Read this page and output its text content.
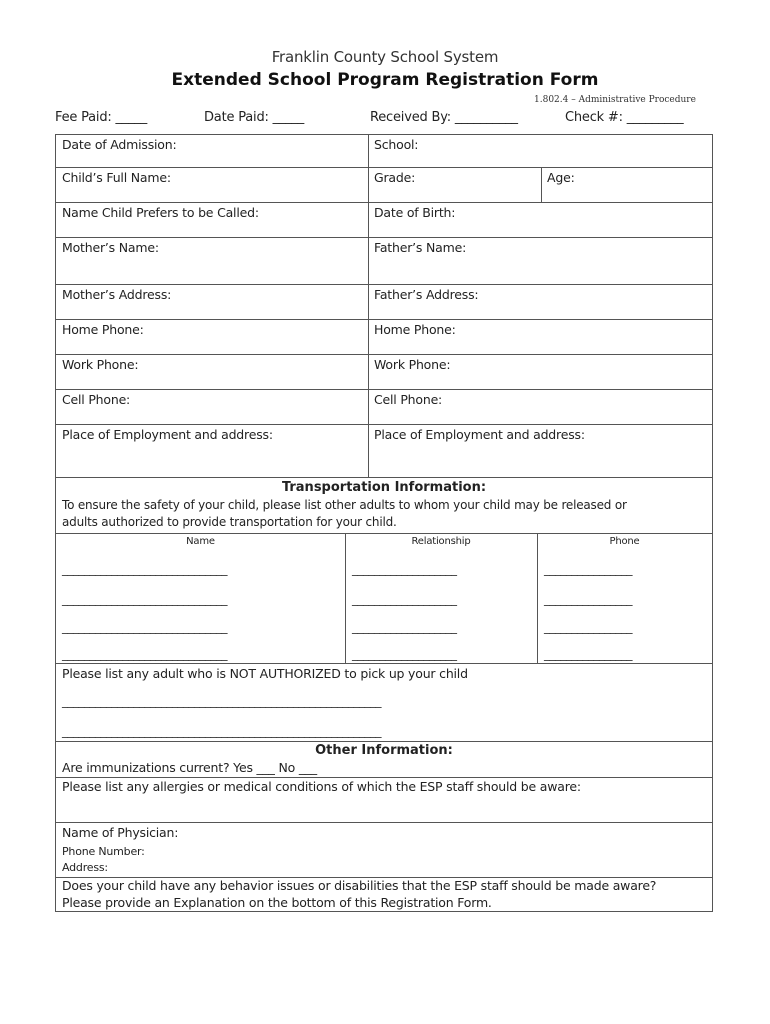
Franklin County School System
Extended School Program Registration Form
1.802.4 – Administrative Procedure
Fee Paid: _____	Date Paid: _____	Received By: __________	Check #: _________
Date of Admission:	School:
Child’s Full Name:	Grade:	Age:
Name Child Prefers to be Called:	Date of Birth:
Mother’s Name:	Father’s Name:
Mother’s Address:	Father’s Address:
Home Phone:	Home Phone:
Work Phone:	Work Phone:
Cell Phone:	Cell Phone:
Place of Employment and address:	Place of Employment and address:
Transportation Information:
To ensure the safety of your child, please list other adults to whom your child may be released or
adults authorized to provide transportation for your child.
Name	Relationship	Phone
______________________________	___________________	________________
______________________________	___________________	________________
______________________________	___________________	________________
______________________________	___________________	________________
Please list any adult who is NOT AUTHORIZED to pick up your child
__________________________________________________________
__________________________________________________________
Other Information:
Are immunizations current? Yes ___ No ___
Please list any allergies or medical conditions of which the ESP staff should be aware:
Name of Physician:
Phone Number:
Address:
Does your child have any behavior issues or disabilities that the ESP staff should be made aware?
Please provide an Explanation on the bottom of this Registration Form.
